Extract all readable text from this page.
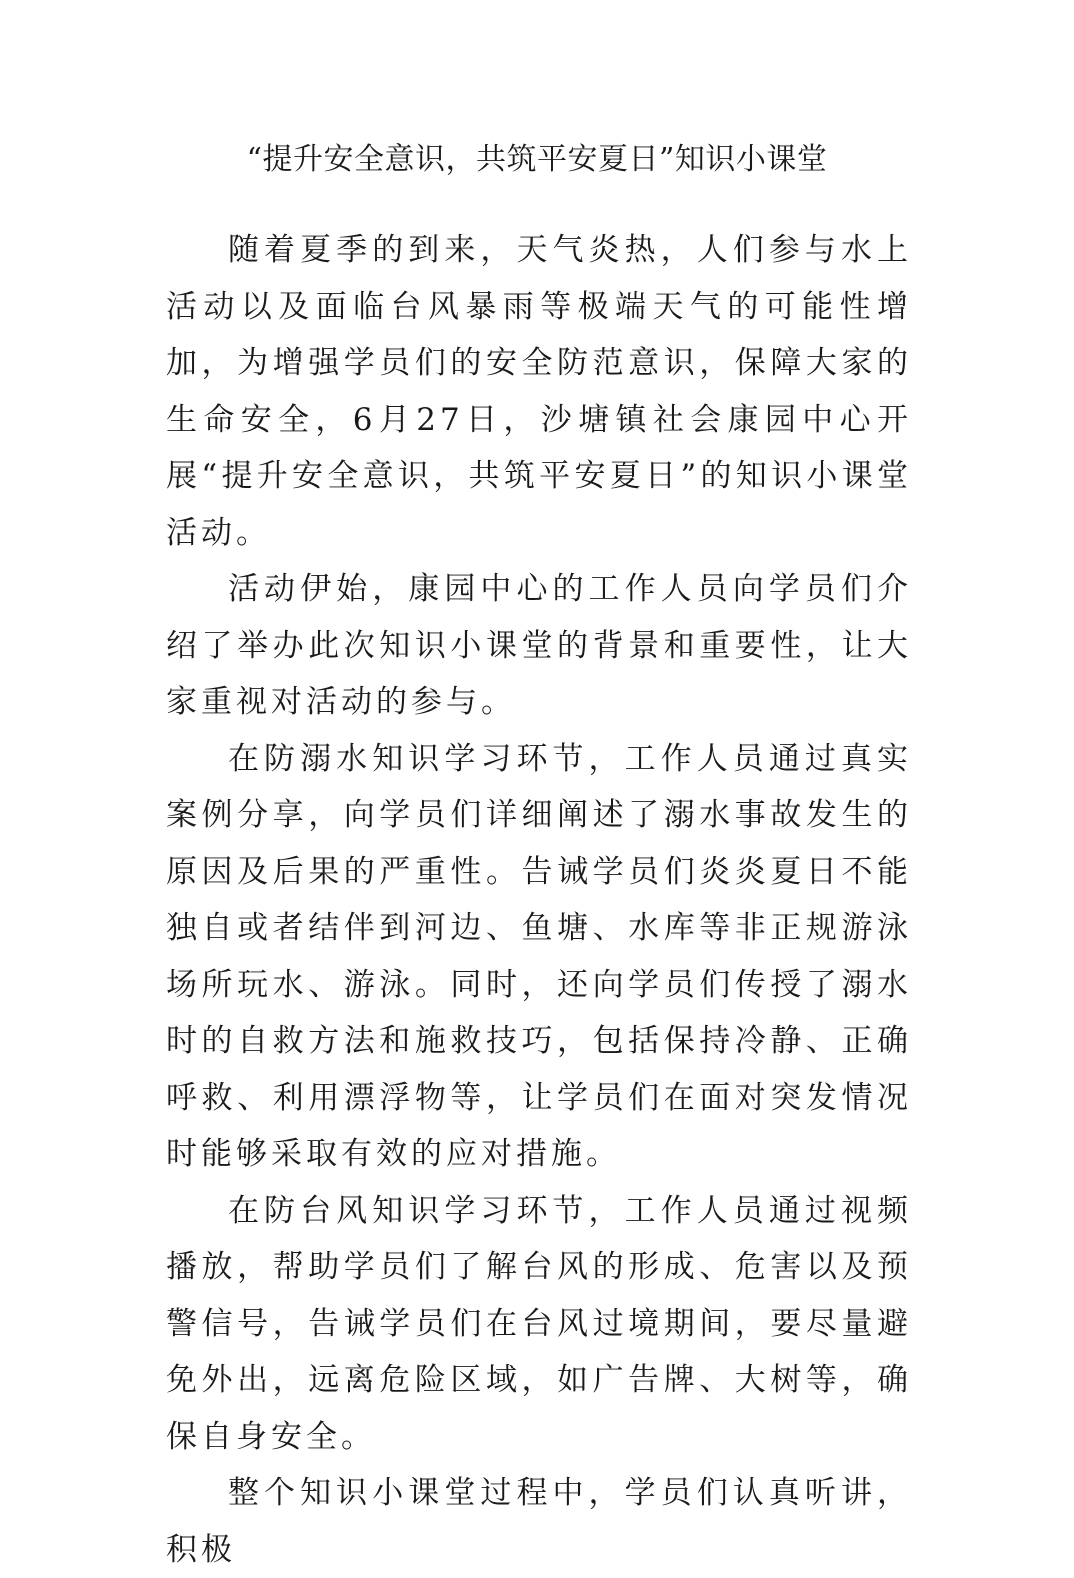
“提升安全意识，共筑平安夏日”知识小课堂

随着夏季的到来，天气炎热，人们参与水上活动以及面临台风暴雨等极端天气的可能性增加，为增强学员们的安全防范意识，保障大家的生命安全，6月27日，沙塘镇社会康园中心开展“提升安全意识，共筑平安夏日”的知识小课堂活动。

活动伊始，康园中心的工作人员向学员们介绍了举办此次知识小课堂的背景和重要性，让大家重视对活动的参与。

在防溺水知识学习环节，工作人员通过真实案例分享，向学员们详细阐述了溺水事故发生的原因及后果的严重性。告诫学员们炎炎夏日不能独自或者结伴到河边、鱼塘、水库等非正规游泳场所玩水、游泳。同时，还向学员们传授了溺水时的自救方法和施救技巧，包括保持冷静、正确呼救、利用漂浮物等，让学员们在面对突发情况时能够采取有效的应对措施。

在防台风知识学习环节，工作人员通过视频播放，帮助学员们了解台风的形成、危害以及预警信号，告诫学员们在台风过境期间，要尽量避免外出，远离危险区域，如广告牌、大树等，确保自身安全。

整个知识小课堂过程中，学员们认真听讲，积极
